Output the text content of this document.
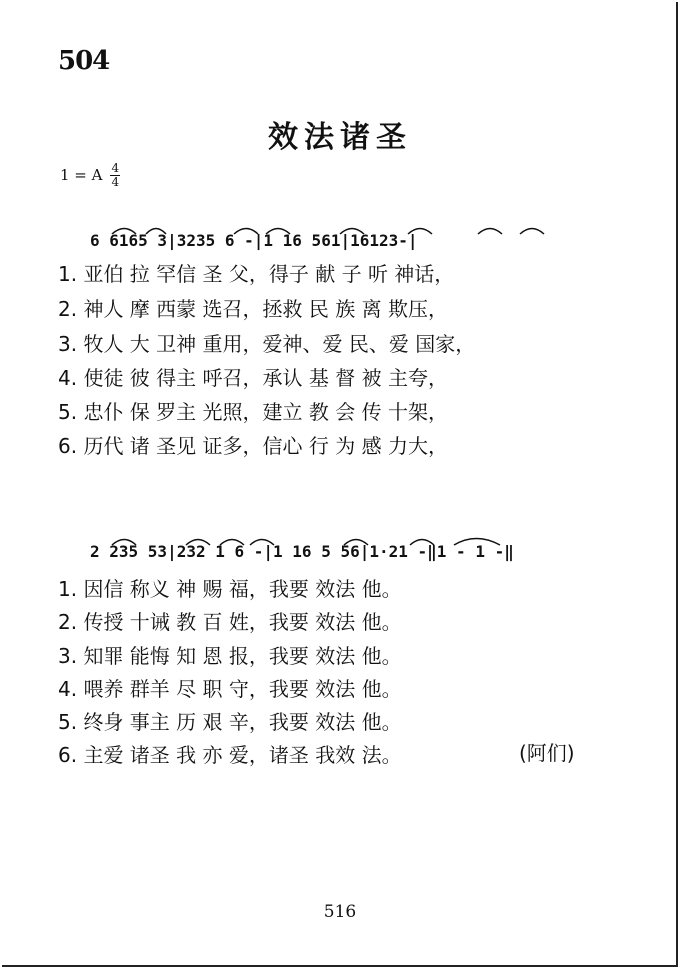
504
效法诸圣
1 = A $\frac{4}{4}$
6 6165 3|3235 6 -|1 16 561|16123-|
1. 亚伯 拉 罕信 圣 父，得子 献 子 听 神话，
2. 神人 摩 西蒙 选召，拯救 民 族 离 欺压，
3. 牧人 大 卫神 重用，爱神、爱 民、爱 国家，
4. 使徒 彼 得主 呼召，承认 基 督 被 主夸，
5. 忠仆 保 罗主 光照，建立 教 会 传 十架，
6. 历代 诸 圣见 证多，信心 行 为 感 力大，
2 235 53|232 1 6 -|1 16 5 56|1·21 -‖1 - 1 -‖
1. 因信 称义 神 赐 福，我要 效法 他。
2. 传授 十诫 教 百 姓，我要 效法 他。
3. 知罪 能悔 知 恩 报，我要 效法 他。
4. 喂养 群羊 尽 职 守，我要 效法 他。
5. 终身 事主 历 艰 辛，我要 效法 他。
6. 主爱 诸圣 我 亦 爱，诸圣 我效 法。	(阿们)
516
